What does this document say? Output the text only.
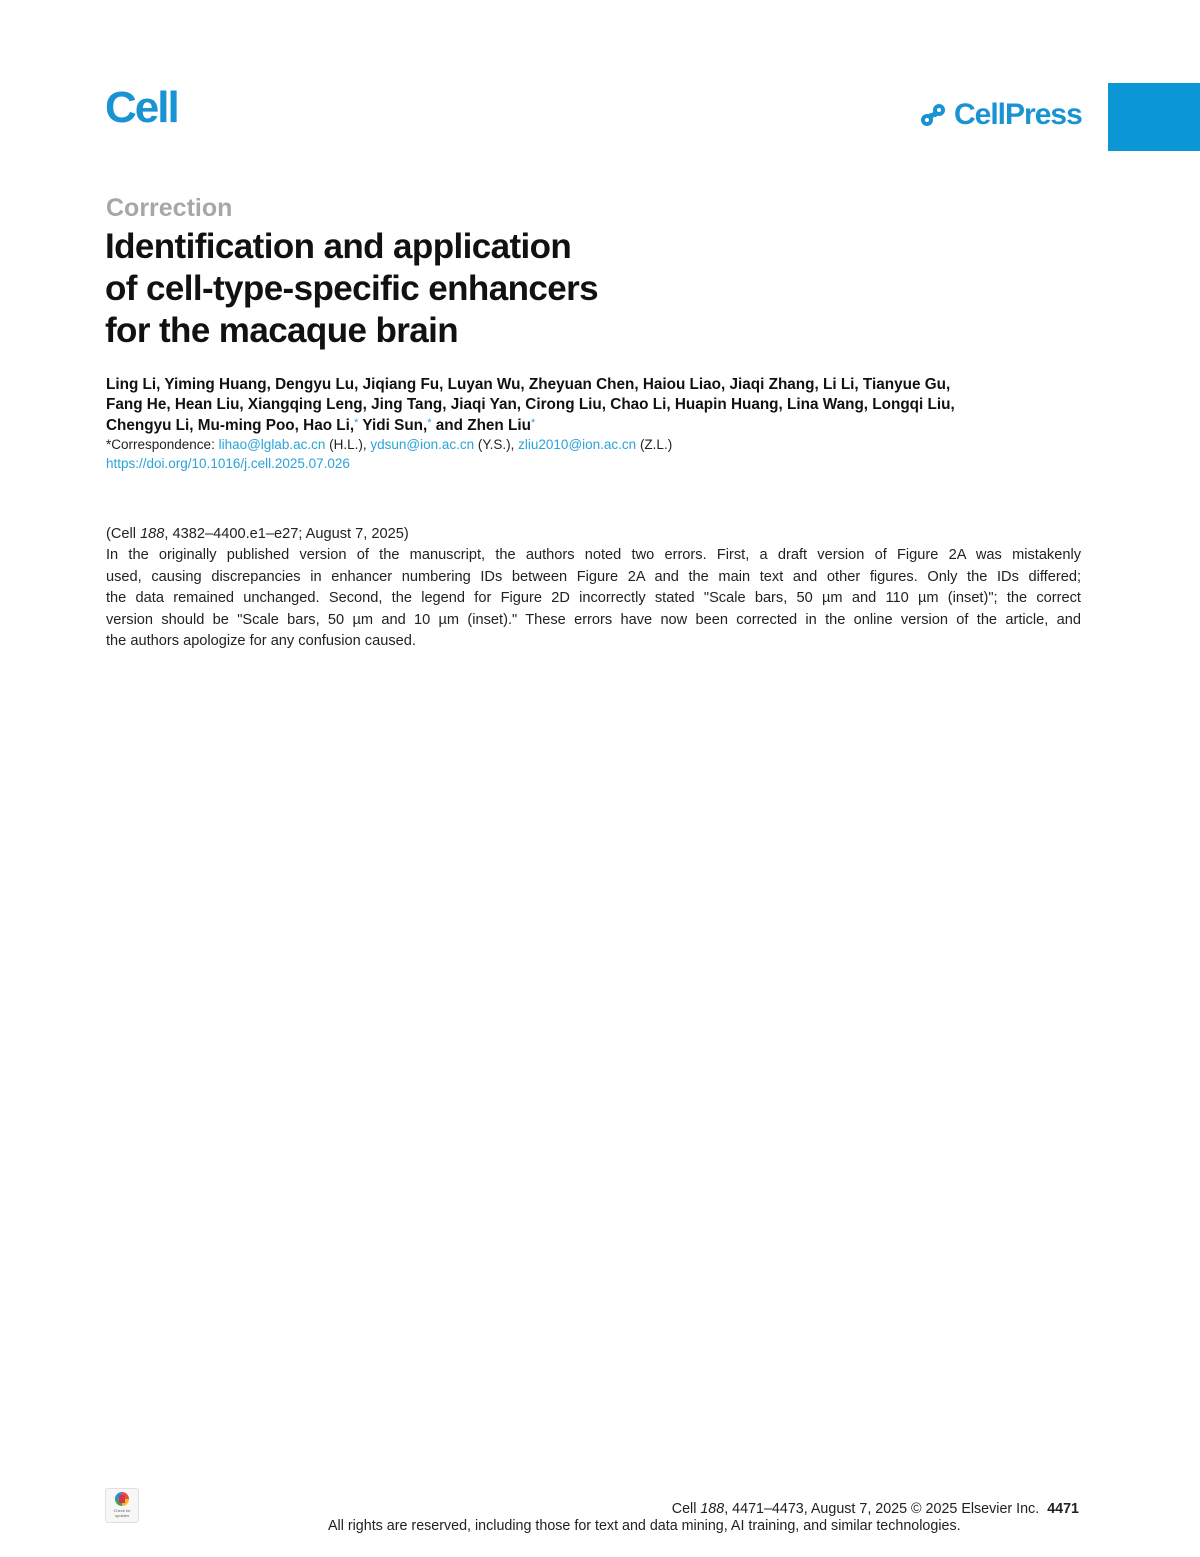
Cell	CellPress
Correction
Identification and application
of cell-type-specific enhancers
for the macaque brain
Ling Li, Yiming Huang, Dengyu Lu, Jiqiang Fu, Luyan Wu, Zheyuan Chen, Haiou Liao, Jiaqi Zhang, Li Li, Tianyue Gu,
Fang He, Hean Liu, Xiangqing Leng, Jing Tang, Jiaqi Yan, Cirong Liu, Chao Li, Huapin Huang, Lina Wang, Longqi Liu,
Chengyu Li, Mu-ming Poo, Hao Li,* Yidi Sun,* and Zhen Liu*
*Correspondence: lihao@lglab.ac.cn (H.L.), ydsun@ion.ac.cn (Y.S.), zliu2010@ion.ac.cn (Z.L.)
https://doi.org/10.1016/j.cell.2025.07.026
(Cell 188, 4382–4400.e1–e27; August 7, 2025)
In the originally published version of the manuscript, the authors noted two errors. First, a draft version of Figure 2A was mistakenly
used, causing discrepancies in enhancer numbering IDs between Figure 2A and the main text and other figures. Only the IDs differed;
the data remained unchanged. Second, the legend for Figure 2D incorrectly stated "Scale bars, 50 µm and 110 µm (inset)"; the correct
version should be "Scale bars, 50 µm and 10 µm (inset)." These errors have now been corrected in the online version of the article, and
the authors apologize for any confusion caused.
Check for updates	Cell 188, 4471–4473, August 7, 2025 © 2025 Elsevier Inc. 4471
All rights are reserved, including those for text and data mining, AI training, and similar technologies.
